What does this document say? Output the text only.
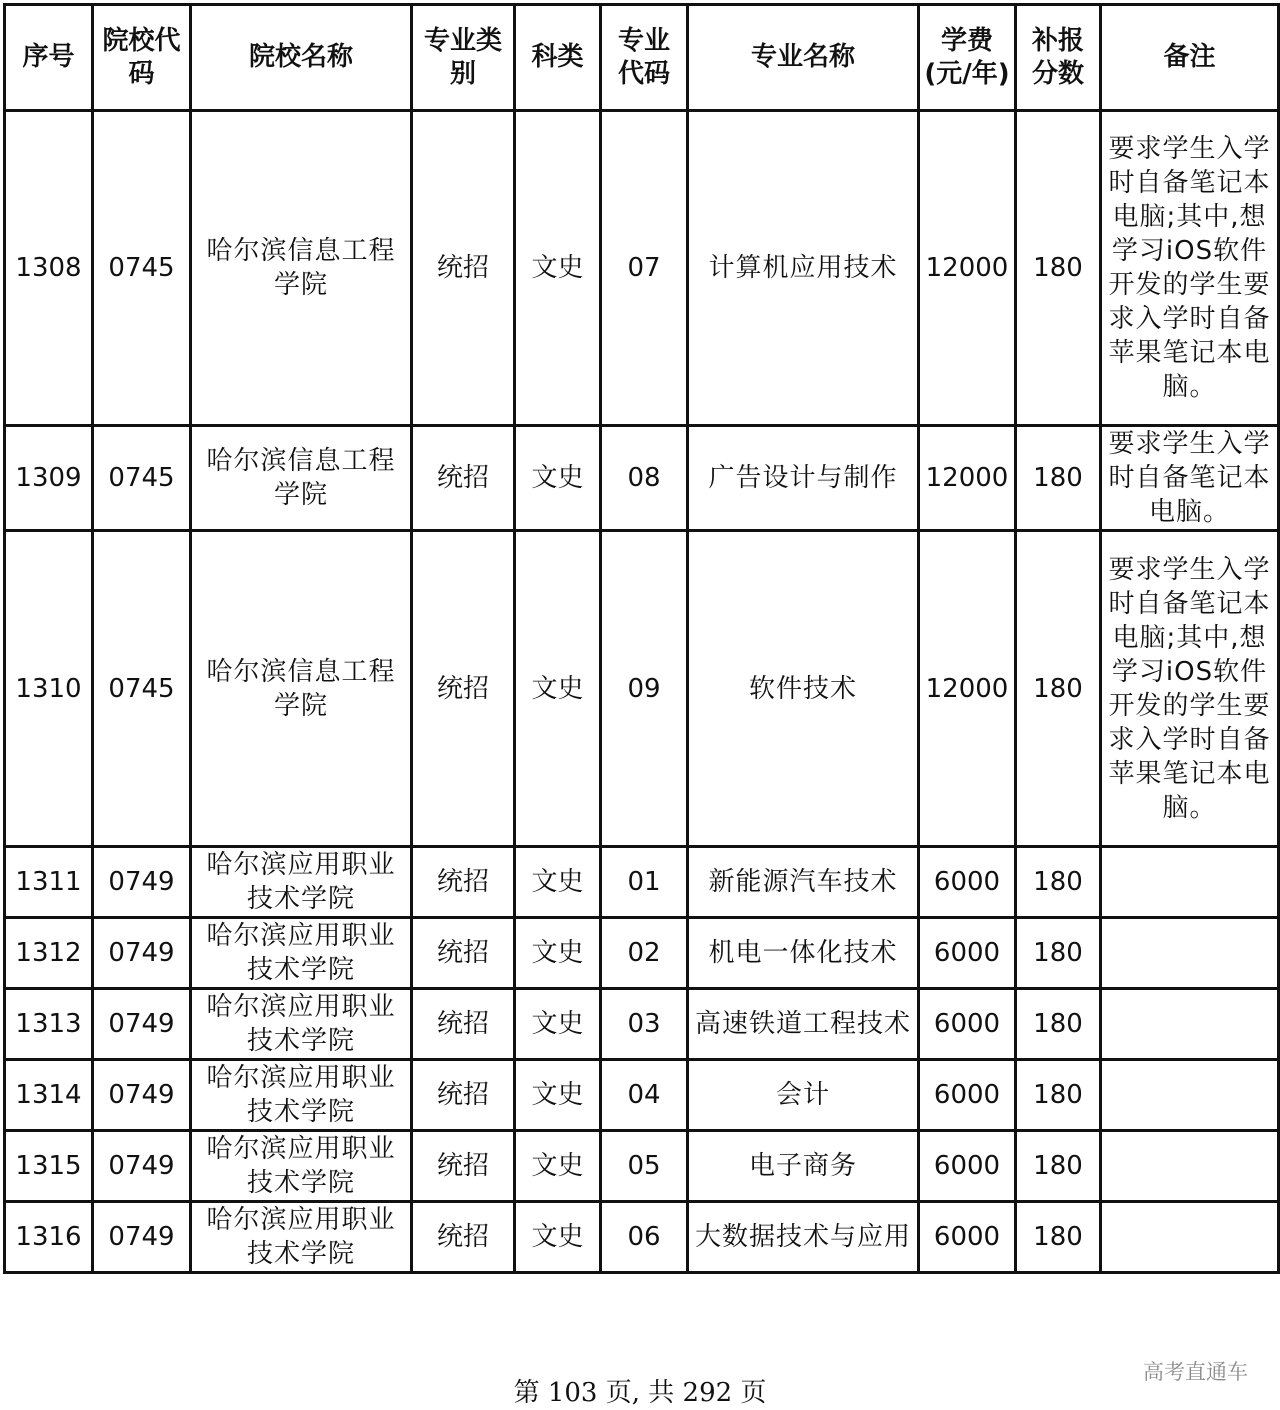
序号	院校代码	院校名称	专业类别	科类	专业代码	专业名称	学费(元/年)	补报分数	备注
1308	0745	哈尔滨信息工程学院	统招	文史	07	计算机应用技术	12000	180	要求学生入学时自备笔记本电脑;其中,想学习iOS软件开发的学生要求入学时自备苹果笔记本电脑。
1309	0745	哈尔滨信息工程学院	统招	文史	08	广告设计与制作	12000	180	要求学生入学时自备笔记本电脑。
1310	0745	哈尔滨信息工程学院	统招	文史	09	软件技术	12000	180	要求学生入学时自备笔记本电脑;其中,想学习iOS软件开发的学生要求入学时自备苹果笔记本电脑。
1311	0749	哈尔滨应用职业技术学院	统招	文史	01	新能源汽车技术	6000	180	
1312	0749	哈尔滨应用职业技术学院	统招	文史	02	机电一体化技术	6000	180	
1313	0749	哈尔滨应用职业技术学院	统招	文史	03	高速铁道工程技术	6000	180	
1314	0749	哈尔滨应用职业技术学院	统招	文史	04	会计	6000	180	
1315	0749	哈尔滨应用职业技术学院	统招	文史	05	电子商务	6000	180	
1316	0749	哈尔滨应用职业技术学院	统招	文史	06	大数据技术与应用	6000	180	
第 103 页, 共 292 页
高考直通车
